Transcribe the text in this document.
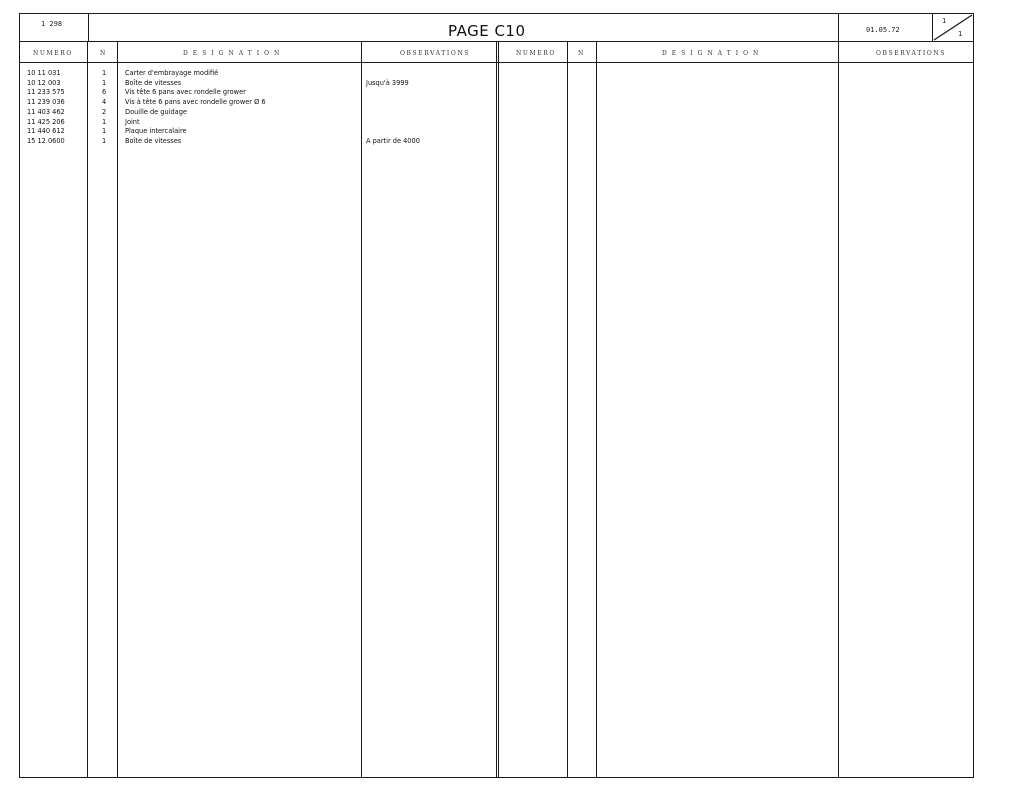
1 298	PAGE C10	01.05.72
1
1
NUMERO	N	DESIGNATION	OBSERVATIONS	NUMERO	N	DESIGNATION	OBSERVATIONS
10 11 031	1	Carter d'embrayage modifié
10 12 003	1	Boîte de vitesses	Jusqu'à 3999
11 233 575	6	Vis tête 6 pans avec rondelle grower
11 239 036	4	Vis à tête 6 pans avec rondelle grower Ø 6
11 403 462	2	Douille de guidage
11 425 206	1	Joint
11 440 612	1	Plaque intercalaire
15 12 0600	1	Boîte de vitesses	A partir de 4000
